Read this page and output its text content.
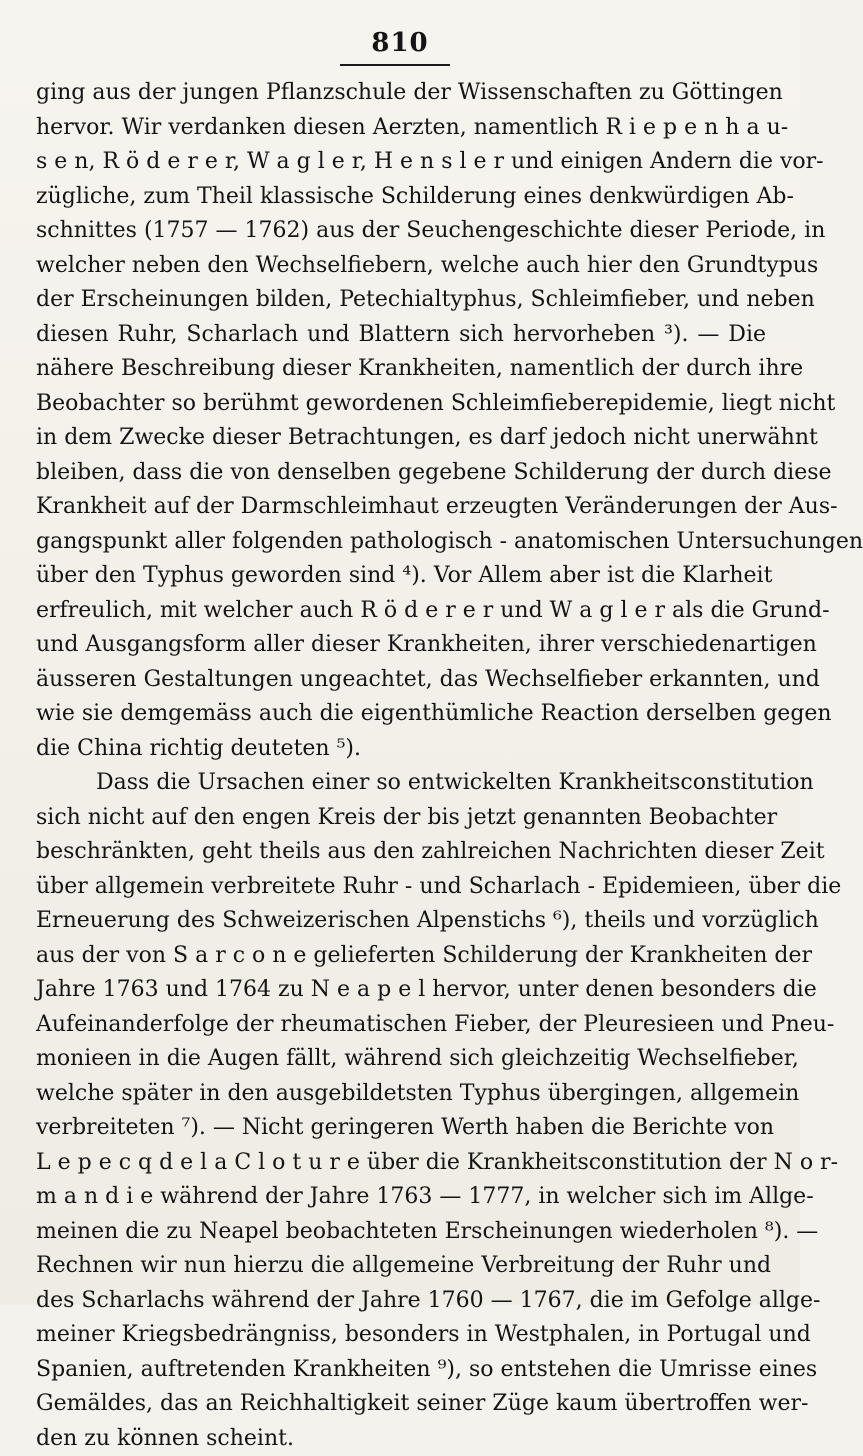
810
ging aus der jungen Pflanzschule der Wissenschaften zu Göttingen
hervor. Wir verdanken diesen Aerzten, namentlich R i e p e n h a u-
s e n, R ö d e r e r, W a g l e r, H e n s l e r und einigen Andern die vor-
zügliche, zum Theil klassische Schilderung eines denkwürdigen Ab-
schnittes (1757 — 1762) aus der Seuchengeschichte dieser Periode, in
welcher neben den Wechselfiebern, welche auch hier den Grundtypus
der Erscheinungen bilden, Petechialtyphus, Schleimfieber, und neben
diesen Ruhr, Scharlach und Blattern sich hervorheben ³). — Die
nähere Beschreibung dieser Krankheiten, namentlich der durch ihre
Beobachter so berühmt gewordenen Schleimfieberepidemie, liegt nicht
in dem Zwecke dieser Betrachtungen, es darf jedoch nicht unerwähnt
bleiben, dass die von denselben gegebene Schilderung der durch diese
Krankheit auf der Darmschleimhaut erzeugten Veränderungen der Aus-
gangspunkt aller folgenden pathologisch - anatomischen Untersuchungen
über den Typhus geworden sind ⁴). Vor Allem aber ist die Klarheit
erfreulich, mit welcher auch R ö d e r e r und W a g l e r als die Grund-
und Ausgangsform aller dieser Krankheiten, ihrer verschiedenartigen
äusseren Gestaltungen ungeachtet, das Wechselfieber erkannten, und
wie sie demgemäss auch die eigenthümliche Reaction derselben gegen
die China richtig deuteten ⁵).
Dass die Ursachen einer so entwickelten Krankheitsconstitution
sich nicht auf den engen Kreis der bis jetzt genannten Beobachter
beschränkten, geht theils aus den zahlreichen Nachrichten dieser Zeit
über allgemein verbreitete Ruhr - und Scharlach - Epidemieen, über die
Erneuerung des Schweizerischen Alpenstichs ⁶), theils und vorzüglich
aus der von S a r c o n e gelieferten Schilderung der Krankheiten der
Jahre 1763 und 1764 zu N e a p e l hervor, unter denen besonders die
Aufeinanderfolge der rheumatischen Fieber, der Pleuresieen und Pneu-
monieen in die Augen fällt, während sich gleichzeitig Wechselfieber,
welche später in den ausgebildetsten Typhus übergingen, allgemein
verbreiteten ⁷). — Nicht geringeren Werth haben die Berichte von
L e p e c q d e l a C l o t u r e über die Krankheitsconstitution der N o r-
m a n d i e während der Jahre 1763 — 1777, in welcher sich im Allge-
meinen die zu Neapel beobachteten Erscheinungen wiederholen ⁸). —
Rechnen wir nun hierzu die allgemeine Verbreitung der Ruhr und
des Scharlachs während der Jahre 1760 — 1767, die im Gefolge allge-
meiner Kriegsbedrängniss, besonders in Westphalen, in Portugal und
Spanien, auftretenden Krankheiten ⁹), so entstehen die Umrisse eines
Gemäldes, das an Reichhaltigkeit seiner Züge kaum übertroffen wer-
den zu können scheint.
